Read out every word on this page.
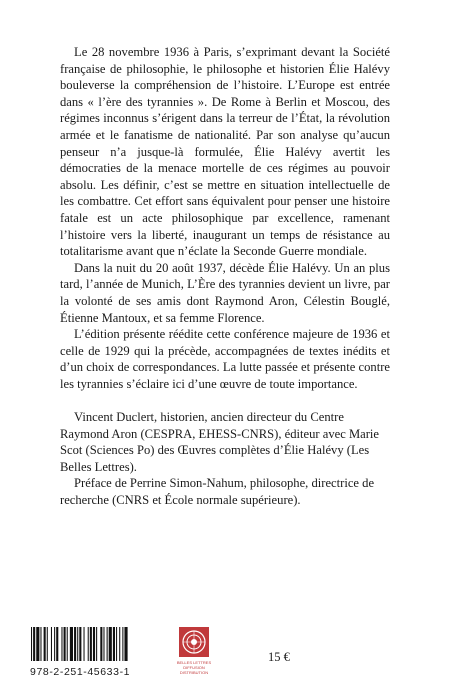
Le 28 novembre 1936 à Paris, s’exprimant devant la Société française de philosophie, le philosophe et historien Élie Halévy bouleverse la compréhension de l’histoire. L’Europe est entrée dans « l’ère des tyrannies ». De Rome à Berlin et Moscou, des régimes inconnus s’érigent dans la terreur de l’État, la révolution armée et le fanatisme de nationalité. Par son analyse qu’aucun penseur n’a jusque-là formulée, Élie Halévy avertit les démocraties de la menace mortelle de ces régimes au pouvoir absolu. Les définir, c’est se mettre en situation intellectuelle de les combattre. Cet effort sans équivalent pour penser une histoire fatale est un acte philosophique par excellence, ramenant l’histoire vers la liberté, inaugurant un temps de résistance au totalitarisme avant que n’éclate la Seconde Guerre mondiale.

Dans la nuit du 20 août 1937, décède Élie Halévy. Un an plus tard, l’année de Munich, L’Ère des tyrannies devient un livre, par la volonté de ses amis dont Raymond Aron, Célestin Bouglé, Étienne Mantoux, et sa femme Florence.

L’édition présente réédite cette conférence majeure de 1936 et celle de 1929 qui la précède, accompagnées de textes inédits et d’un choix de correspondances. La lutte passée et présente contre les tyrannies s’éclaire ici d’une œuvre de toute importance.

Vincent Duclert, historien, ancien directeur du Centre Raymond Aron (CESPRA, EHESS-CNRS), éditeur avec Marie Scot (Sciences Po) des Œuvres complètes d’Élie Halévy (Les Belles Lettres).

Préface de Perrine Simon-Nahum, philosophe, directrice de recherche (CNRS et École normale supérieure).

978-2-251-45633-1
BELLES LETTRES DIFFUSION DISTRIBUTION
15 €
